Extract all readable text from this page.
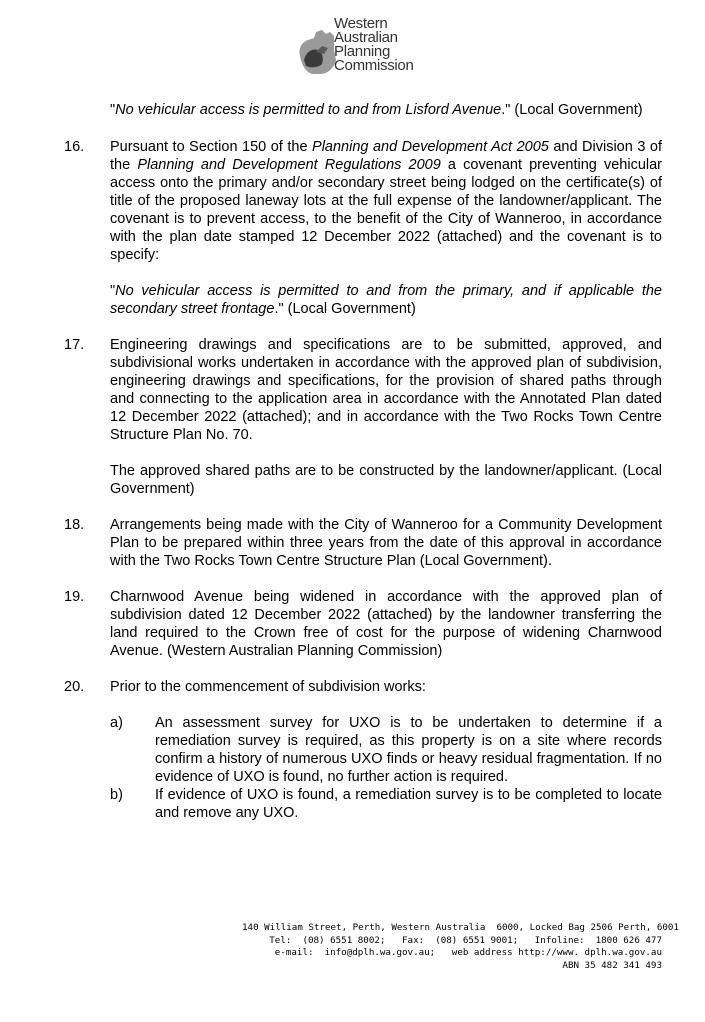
Western
Australian
Planning
Commission
"No vehicular access is permitted to and from Lisford Avenue." (Local Government)
16. Pursuant to Section 150 of the Planning and Development Act 2005 and Division 3 of the Planning and Development Regulations 2009 a covenant preventing vehicular access onto the primary and/or secondary street being lodged on the certificate(s) of title of the proposed laneway lots at the full expense of the landowner/applicant. The covenant is to prevent access, to the benefit of the City of Wanneroo, in accordance with the plan date stamped 12 December 2022 (attached) and the covenant is to specify:
"No vehicular access is permitted to and from the primary, and if applicable the secondary street frontage." (Local Government)
17. Engineering drawings and specifications are to be submitted, approved, and subdivisional works undertaken in accordance with the approved plan of subdivision, engineering drawings and specifications, for the provision of shared paths through and connecting to the application area in accordance with the Annotated Plan dated 12 December 2022 (attached); and in accordance with the Two Rocks Town Centre Structure Plan No. 70.
The approved shared paths are to be constructed by the landowner/applicant. (Local Government)
18. Arrangements being made with the City of Wanneroo for a Community Development Plan to be prepared within three years from the date of this approval in accordance with the Two Rocks Town Centre Structure Plan (Local Government).
19. Charnwood Avenue being widened in accordance with the approved plan of subdivision dated 12 December 2022 (attached) by the landowner transferring the land required to the Crown free of cost for the purpose of widening Charnwood Avenue. (Western Australian Planning Commission)
20. Prior to the commencement of subdivision works:
a) An assessment survey for UXO is to be undertaken to determine if a remediation survey is required, as this property is on a site where records confirm a history of numerous UXO finds or heavy residual fragmentation. If no evidence of UXO is found, no further action is required.
b) If evidence of UXO is found, a remediation survey is to be completed to locate and remove any UXO.
140 William Street, Perth, Western Australia  6000, Locked Bag 2506 Perth, 6001
Tel:  (08) 6551 8002;   Fax:  (08) 6551 9001;   Infoline:  1800 626 477
e-mail:  info@dplh.wa.gov.au;   web address http://www. dplh.wa.gov.au
ABN 35 482 341 493
